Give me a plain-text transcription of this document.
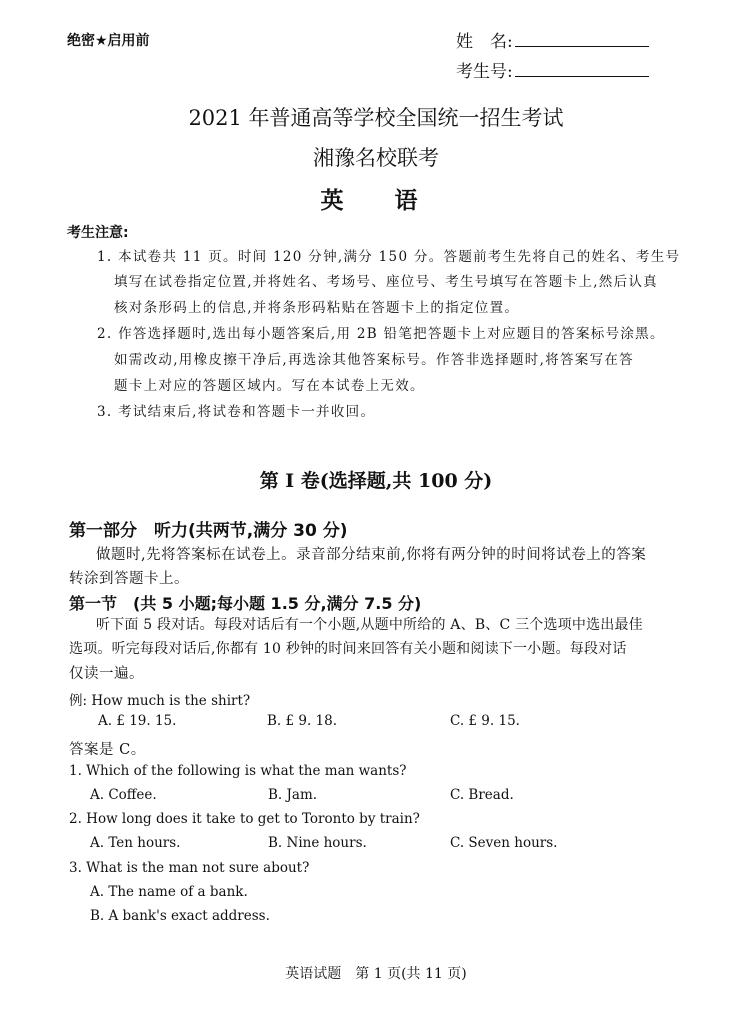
绝密★启用前	姓　名:
考生号:
2021 年普通高等学校全国统一招生考试
湘豫名校联考
英　语
考生注意:
1. 本试卷共 11 页。时间 120 分钟,满分 150 分。答题前考生先将自己的姓名、考生号
填写在试卷指定位置,并将姓名、考场号、座位号、考生号填写在答题卡上,然后认真
核对条形码上的信息,并将条形码粘贴在答题卡上的指定位置。
2. 作答选择题时,选出每小题答案后,用 2B 铅笔把答题卡上对应题目的答案标号涂黑。
如需改动,用橡皮擦干净后,再选涂其他答案标号。作答非选择题时,将答案写在答
题卡上对应的答题区域内。写在本试卷上无效。
3. 考试结束后,将试卷和答题卡一并收回。
第 I 卷(选择题,共 100 分)
第一部分　听力(共两节,满分 30 分)
做题时,先将答案标在试卷上。录音部分结束前,你将有两分钟的时间将试卷上的答案
转涂到答题卡上。
第一节　(共 5 小题;每小题 1.5 分,满分 7.5 分)
听下面 5 段对话。每段对话后有一个小题,从题中所给的 A、B、C 三个选项中选出最佳
选项。听完每段对话后,你都有 10 秒钟的时间来回答有关小题和阅读下一小题。每段对话
仅读一遍。
例: How much is the shirt?
A. £ 19. 15.	B. £ 9. 18.	C. £ 9. 15.
答案是 C。
1. Which of the following is what the man wants?
A. Coffee.	B. Jam.	C. Bread.
2. How long does it take to get to Toronto by train?
A. Ten hours.	B. Nine hours.	C. Seven hours.
3. What is the man not sure about?
A. The name of a bank.
B. A bank's exact address.
英语试题　第 1 页(共 11 页)
